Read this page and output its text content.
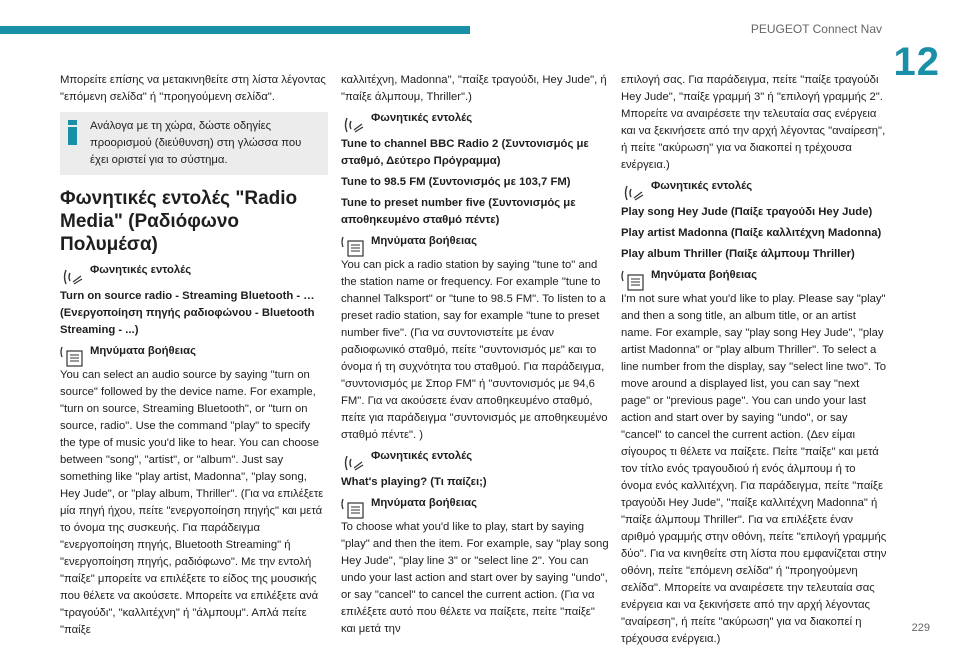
PEUGEOT Connect Nav
12

Μπορείτε επίσης να μετακινηθείτε στη λίστα λέγοντας "επόμενη σελίδα" ή "προηγούμενη σελίδα".

Ανάλογα με τη χώρα, δώστε οδηγίες προορισμού (διεύθυνση) στη γλώσσα που έχει οριστεί για το σύστημα.

Φωνητικές εντολές "Radio Media" (Ραδιόφωνο Πολυμέσα)
Φωνητικές εντολές

Turn on source radio - Streaming Bluetooth - … (Ενεργοποίηση πηγής ραδιοφώνου - Bluetooth Streaming - ...)

Μηνύματα βοήθειας

You can select an audio source by saying "turn on source" followed by the device name. For example, "turn on source, Streaming Bluetooth", or "turn on source, radio". Use the command "play" to specify the type of music you'd like to hear. You can choose between "song", "artist", or "album". Just say something like "play artist, Madonna", "play song, Hey Jude", or "play album, Thriller". (Για να επιλέξετε μία πηγή ήχου, πείτε "ενεργοποίηση πηγής" και μετά το όνομα της συσκευής. Για παράδειγμα "ενεργοποίηση πηγής, Bluetooth Streaming" ή "ενεργοποίηση πηγής, ραδιόφωνο". Με την εντολή "παίξε" μπορείτε να επιλέξετε το είδος της μουσικής που θέλετε να ακούσετε. Μπορείτε να επιλέξετε ανά "τραγούδι", "καλλιτέχνη" ή "άλμπουμ". Απλά πείτε "παίξε

καλλιτέχνη, Madonna", "παίξε τραγούδι, Hey Jude", ή "παίξε άλμπουμ, Thriller".)

Φωνητικές εντολές

Tune to channel BBC Radio 2 (Συντονισμός με σταθμό, Δεύτερο Πρόγραμμα)

Tune to 98.5 FM (Συντονισμός με 103,7 FM)

Tune to preset number five (Συντονισμός με αποθηκευμένο σταθμό πέντε)

Μηνύματα βοήθειας

You can pick a radio station by saying "tune to" and the station name or frequency. For example "tune to channel Talksport" or "tune to 98.5 FM". To listen to a preset radio station, say for example "tune to preset number five". (Για να συντονιστείτε με έναν ραδιοφωνικό σταθμό, πείτε "συντονισμός με" και το όνομα ή τη συχνότητα του σταθμού. Για παράδειγμα, "συντονισμός με Σπορ FM" ή "συντονισμός με 94,6 FM". Για να ακούσετε έναν αποθηκευμένο σταθμό, πείτε για παράδειγμα "συντονισμός με αποθηκευμένο σταθμό πέντε". )

Φωνητικές εντολές

What's playing? (Τι παίζει;)

Μηνύματα βοήθειας

To choose what you'd like to play, start by saying "play" and then the item. For example, say "play song Hey Jude", "play line 3" or "select line 2". You can undo your last action and start over by saying "undo", or say "cancel" to cancel the current action. (Για να επιλέξετε αυτό που θέλετε να παίξετε, πείτε "παίξε" και μετά την

επιλογή σας. Για παράδειγμα, πείτε "παίξε τραγούδι Hey Jude", "παίξε γραμμή 3" ή "επιλογή γραμμής 2". Μπορείτε να αναιρέσετε την τελευταία σας ενέργεια και να ξεκινήσετε από την αρχή λέγοντας "αναίρεση", ή πείτε "ακύρωση" για να διακοπεί η τρέχουσα ενέργεια.)

Φωνητικές εντολές

Play song Hey Jude (Παίξε τραγούδι Hey Jude)

Play artist Madonna (Παίξε καλλιτέχνη Madonna)

Play album Thriller (Παίξε άλμπουμ Thriller)

Μηνύματα βοήθειας

I'm not sure what you'd like to play. Please say "play" and then a song title, an album title, or an artist name. For example, say "play song Hey Jude", "play artist Madonna" or "play album Thriller". To select a line number from the display, say "select line two". To move around a displayed list, you can say "next page" or "previous page". You can undo your last action and start over by saying "undo", or say "cancel" to cancel the current action. (Δεν είμαι σίγουρος τι θέλετε να παίξετε. Πείτε "παίξε" και μετά τον τίτλο ενός τραγουδιού ή ενός άλμπουμ ή το όνομα ενός καλλιτέχνη. Για παράδειγμα, πείτε "παίξε τραγούδι Hey Jude", "παίξε καλλιτέχνη Madonna" ή "παίξε άλμπουμ Thriller". Για να επιλέξετε έναν αριθμό γραμμής στην οθόνη, πείτε "επιλογή γραμμής δύο". Για να κινηθείτε στη λίστα που εμφανίζεται στην οθόνη, πείτε "επόμενη σελίδα" ή "προηγούμενη σελίδα". Μπορείτε να αναιρέσετε την τελευταία σας ενέργεια και να ξεκινήσετε από την αρχή λέγοντας "αναίρεση", ή πείτε "ακύρωση" για να διακοπεί η τρέχουσα ενέργεια.)

229
